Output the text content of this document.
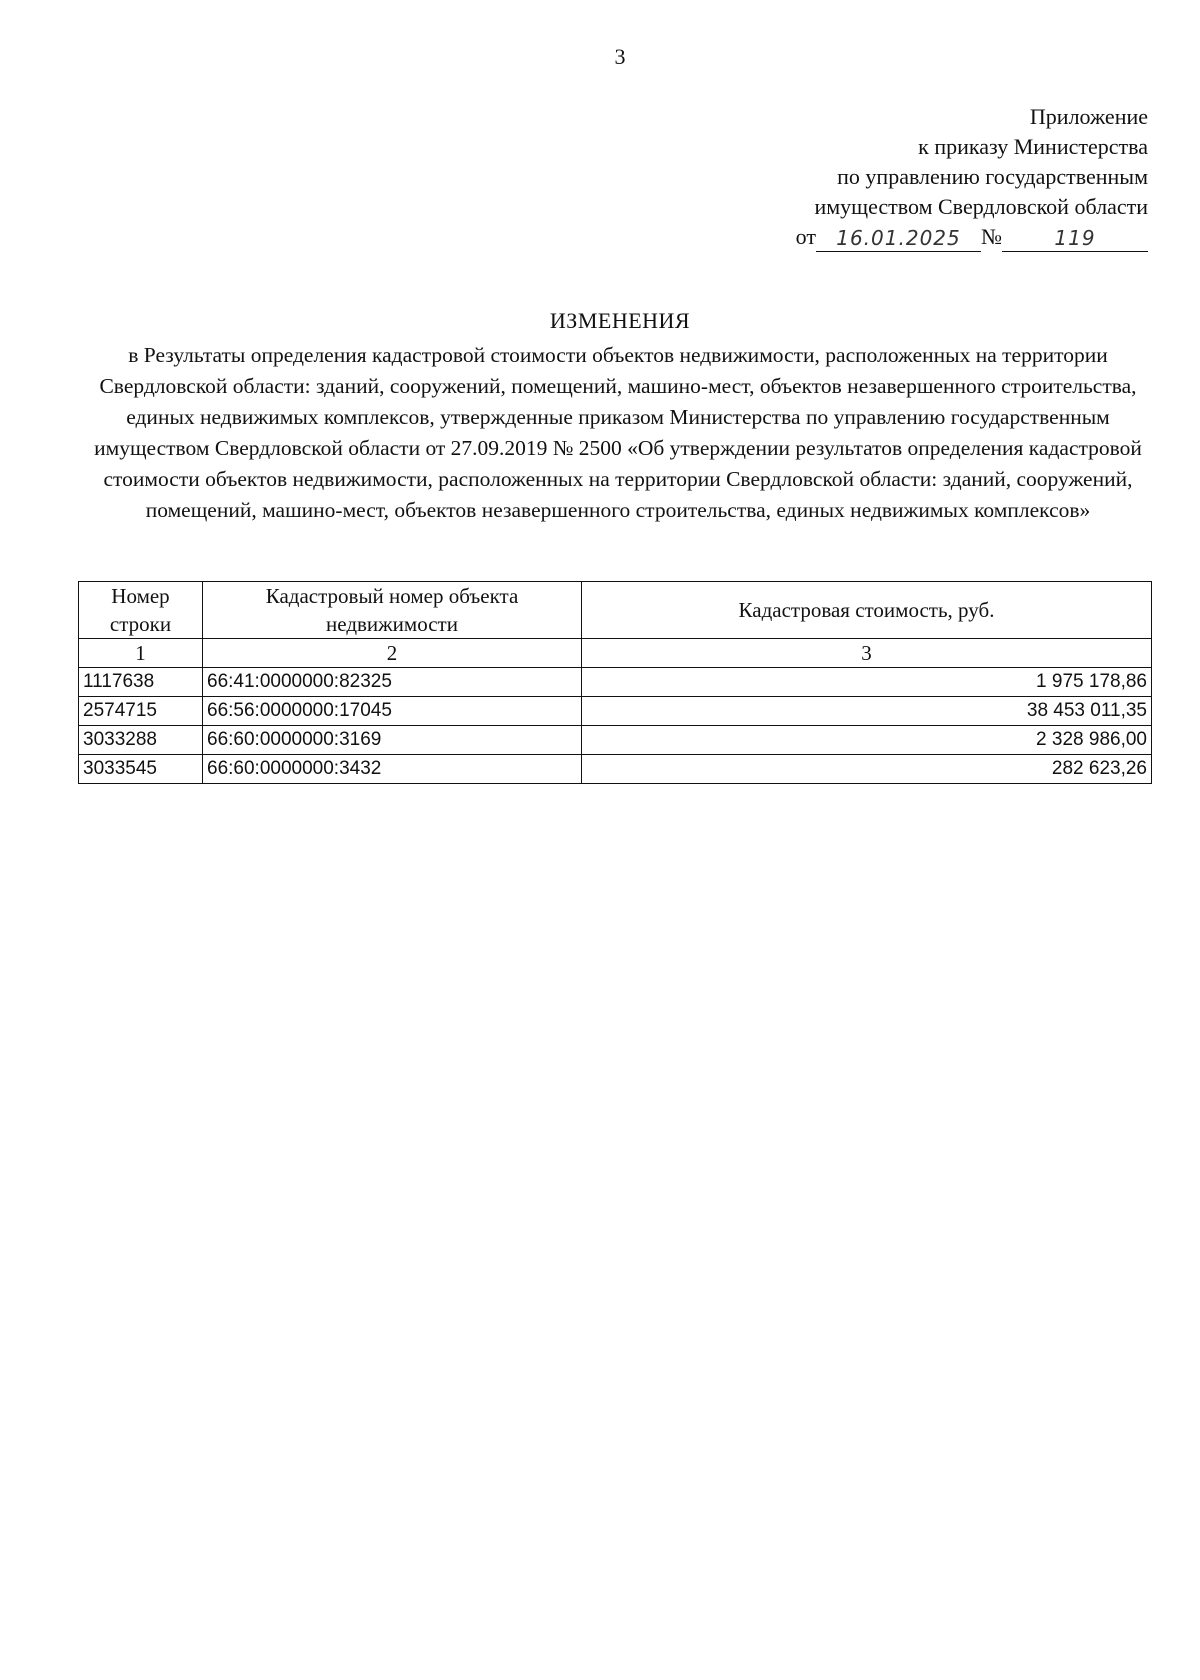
3
Приложение
к приказу Министерства
по управлению государственным
имуществом Свердловской области
от	16.01.2025 №	119
ИЗМЕНЕНИЯ
в Результаты определения кадастровой стоимости объектов недвижимости, расположенных на территории Свердловской области: зданий, сооружений, помещений, машино-мест, объектов незавершенного строительства, единых недвижимых комплексов, утвержденные приказом Министерства по управлению государственным имуществом Свердловской области от 27.09.2019 № 2500 «Об утверждении результатов определения кадастровой стоимости объектов недвижимости, расположенных на территории Свердловской области: зданий, сооружений, помещений, машино-мест, объектов незавершенного строительства, единых недвижимых комплексов»
Номер строки	Кадастровый номер объекта недвижимости	Кадастровая стоимость, руб.
1	2	3
1117638	66:41:0000000:82325	1 975 178,86
2574715	66:56:0000000:17045	38 453 011,35
3033288	66:60:0000000:3169	2 328 986,00
3033545	66:60:0000000:3432	282 623,26
